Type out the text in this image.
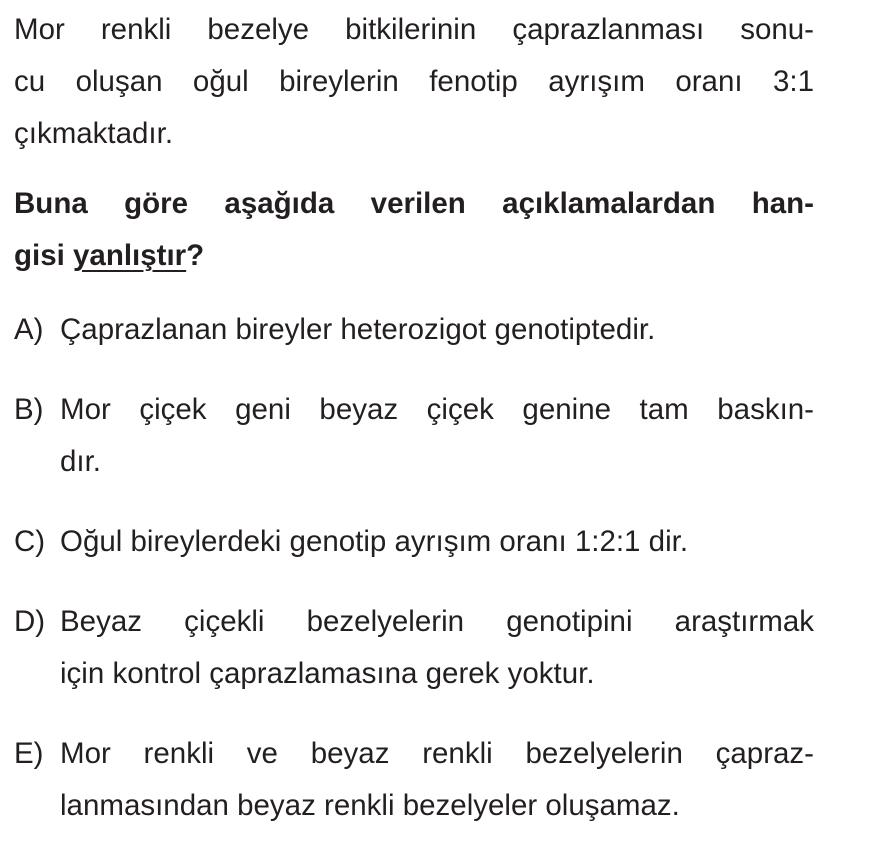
Mor renkli bezelye bitkilerinin çaprazlanması sonu-
cu oluşan oğul bireylerin fenotip ayrışım oranı 3:1
çıkmaktadır.
Buna göre aşağıda verilen açıklamalardan han-
gisi yanlıştır?
A) Çaprazlanan bireyler heterozigot genotiptedir.
B) Mor çiçek geni beyaz çiçek genine tam baskın-
dır.
C) Oğul bireylerdeki genotip ayrışım oranı 1:2:1 dir.
D) Beyaz çiçekli bezelyelerin genotipini araştırmak
için kontrol çaprazlamasına gerek yoktur.
E) Mor renkli ve beyaz renkli bezelyelerin çapraz-
lanmasından beyaz renkli bezelyeler oluşamaz.
